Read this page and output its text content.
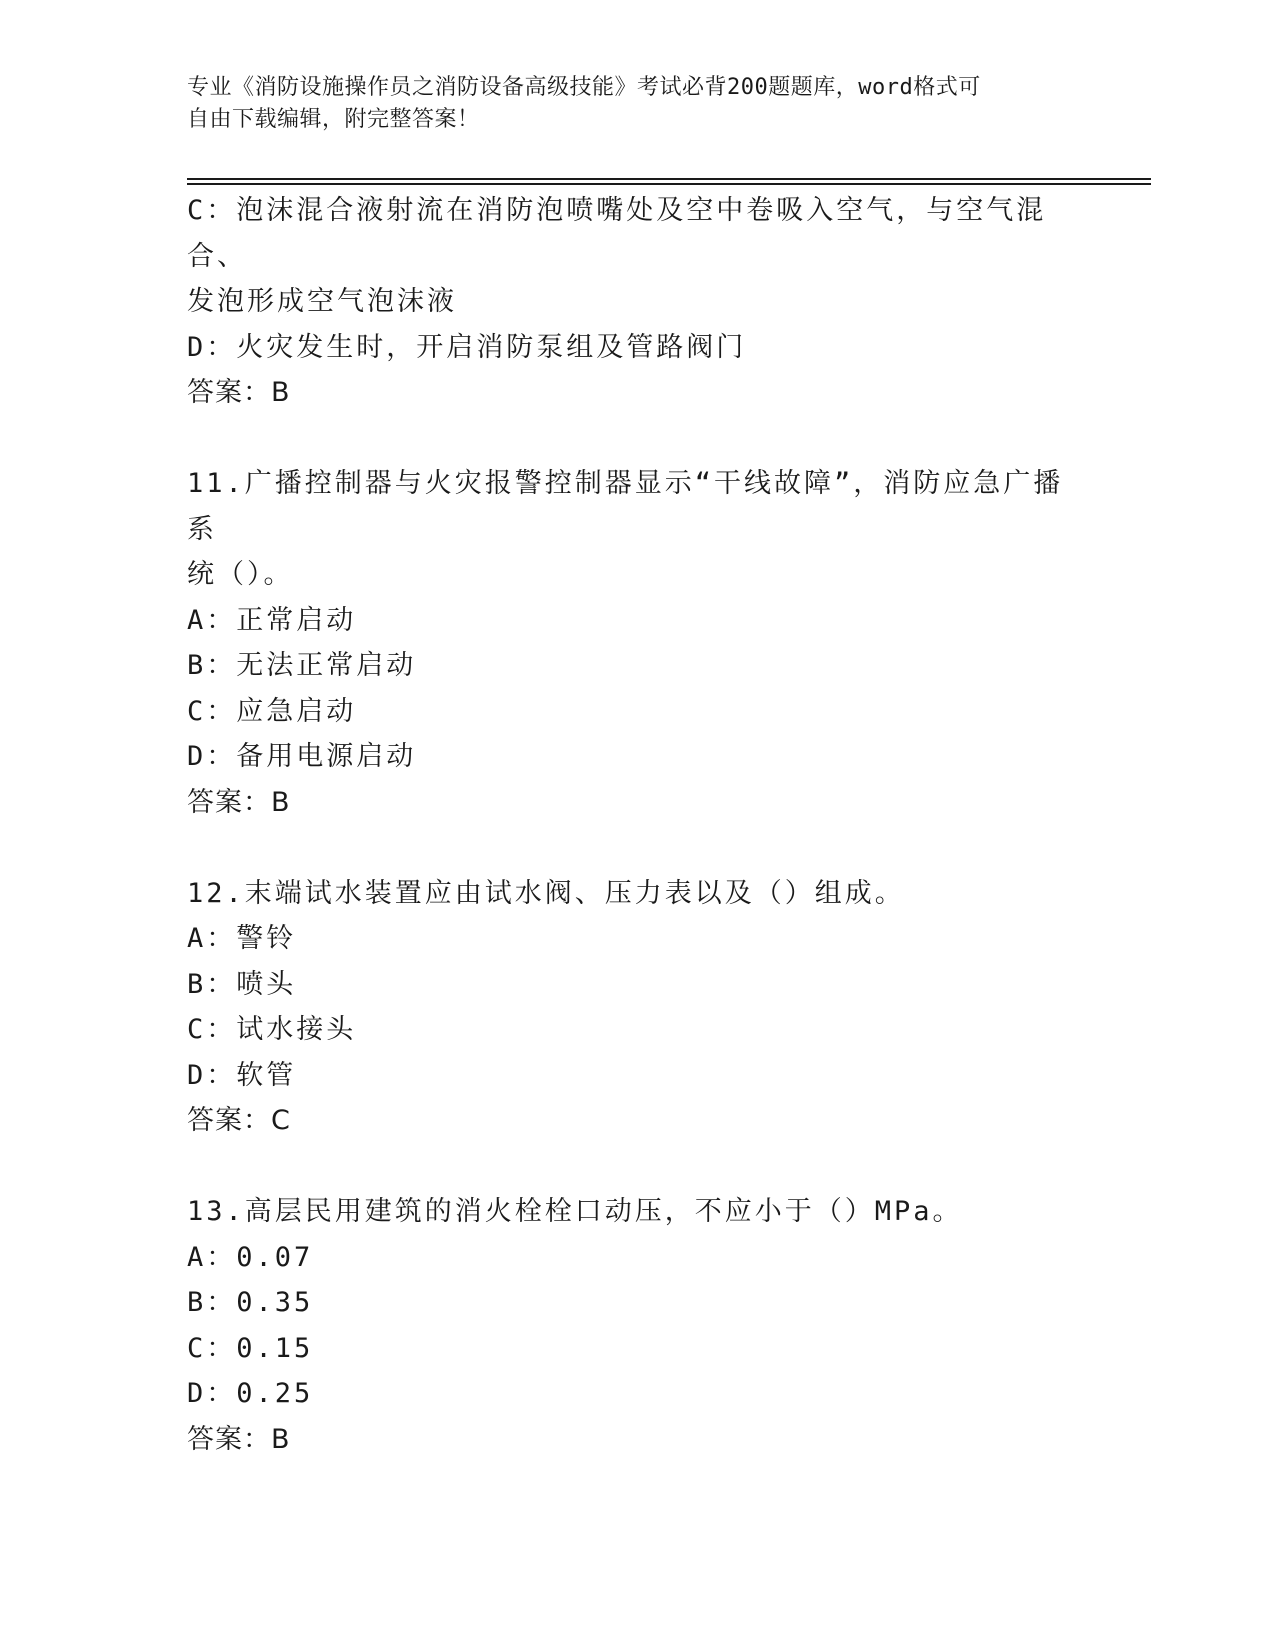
专业《消防设施操作员之消防设备高级技能》考试必背200题题库，word格式可
自由下载编辑，附完整答案！
C：泡沫混合液射流在消防泡喷嘴处及空中卷吸入空气，与空气混合、
发泡形成空气泡沫液
D：火灾发生时，开启消防泵组及管路阀门
答案：B
11.广播控制器与火灾报警控制器显示“干线故障”，消防应急广播系
统（）。
A：正常启动
B：无法正常启动
C：应急启动
D：备用电源启动
答案：B
12.末端试水装置应由试水阀、压力表以及（）组成。
A：警铃
B：喷头
C：试水接头
D：软管
答案：C
13.高层民用建筑的消火栓栓口动压，不应小于（）MPa。
A：0.07
B：0.35
C：0.15
D：0.25
答案：B
